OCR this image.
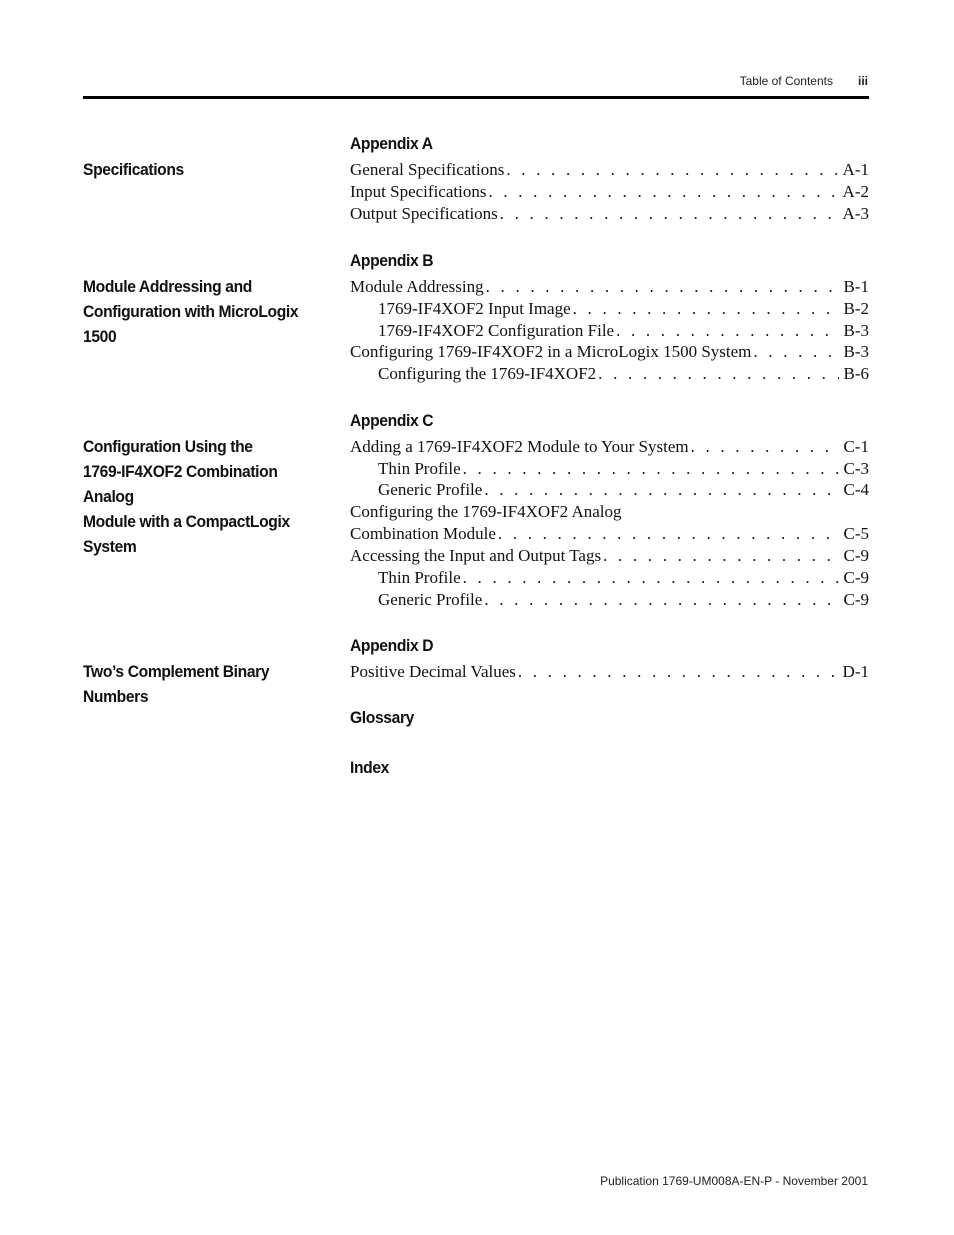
Table of Contents iii
Specifications
Appendix A
General Specifications . . .	A-1
Input Specifications . . .	A-2
Output Specifications . . .	A-3
Module Addressing and
Configuration with MicroLogix
1500
Appendix B
Module Addressing . . .	B-1
1769-IF4XOF2 Input Image . . .	B-2
1769-IF4XOF2 Configuration File . . .	B-3
Configuring 1769-IF4XOF2 in a MicroLogix 1500 System . . .	B-3
Configuring the 1769-IF4XOF2 . . .	B-6
Configuration Using the
1769-IF4XOF2 Combination Analog
Module with a CompactLogix
System
Appendix C
Adding a 1769-IF4XOF2 Module to Your System . . .	C-1
Thin Profile . . .	C-3
Generic Profile . . .	C-4
Configuring the 1769-IF4XOF2 Analog
Combination Module . . .	C-5
Accessing the Input and Output Tags . . .	C-9
Thin Profile . . .	C-9
Generic Profile . . .	C-9
Two’s Complement Binary
Numbers
Appendix D
Positive Decimal Values . . .	D-1
Glossary
Index
Publication 1769-UM008A-EN-P - November 2001
